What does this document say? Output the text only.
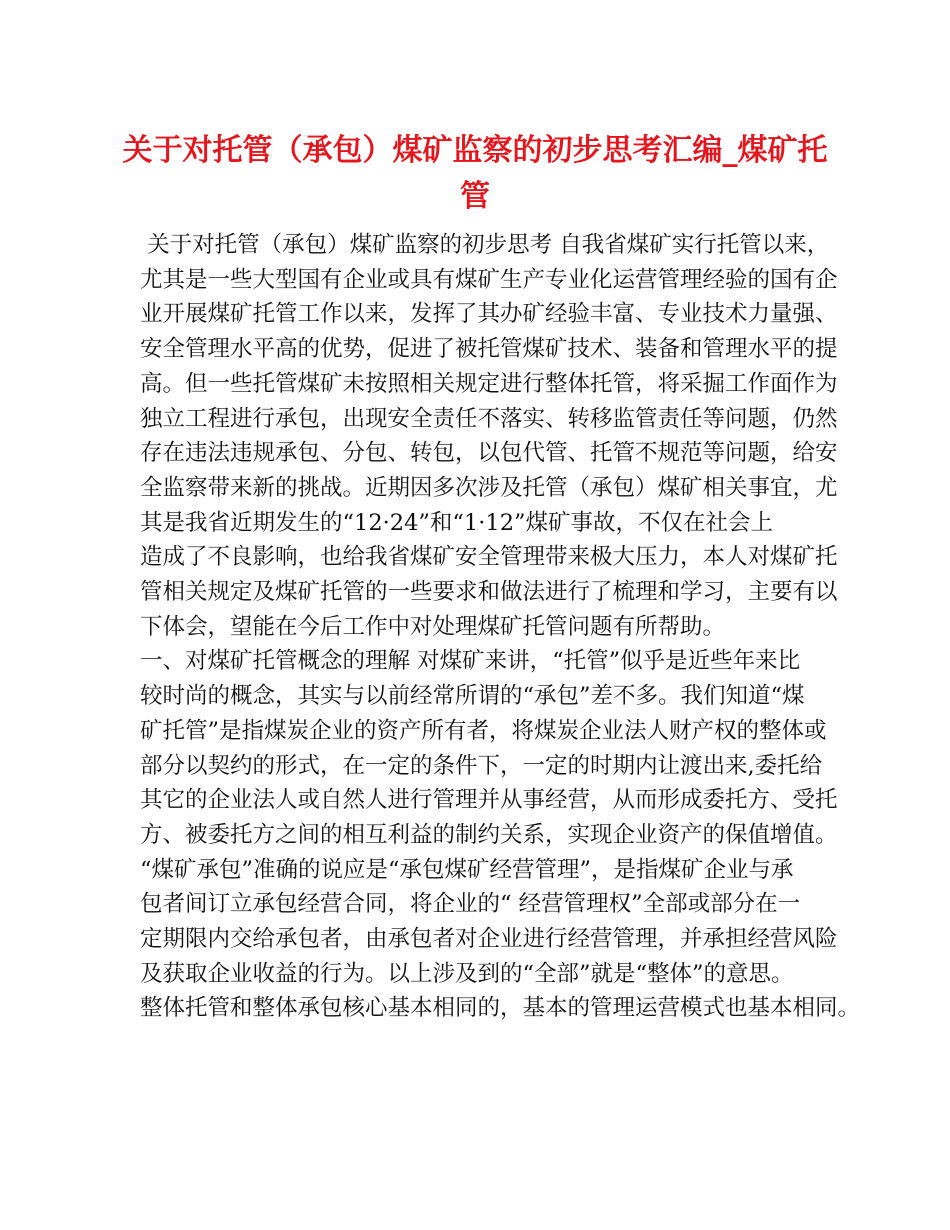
关于对托管（承包）煤矿监察的初步思考汇编_煤矿托
管
关于对托管（承包）煤矿监察的初步思考 自我省煤矿实行托管以来，
尤其是一些大型国有企业或具有煤矿生产专业化运营管理经验的国有企
业开展煤矿托管工作以来，发挥了其办矿经验丰富、专业技术力量强、
安全管理水平高的优势，促进了被托管煤矿技术、装备和管理水平的提
高。但一些托管煤矿未按照相关规定进行整体托管，将采掘工作面作为
独立工程进行承包，出现安全责任不落实、转移监管责任等问题，仍然
存在违法违规承包、分包、转包，以包代管、托管不规范等问题，给安
全监察带来新的挑战。近期因多次涉及托管（承包）煤矿相关事宜，尤
其是我省近期发生的“12·24”和“1·12”煤矿事故，不仅在社会上
造成了不良影响，也给我省煤矿安全管理带来极大压力，本人对煤矿托
管相关规定及煤矿托管的一些要求和做法进行了梳理和学习，主要有以
下体会，望能在今后工作中对处理煤矿托管问题有所帮助。
一、对煤矿托管概念的理解 对煤矿来讲，“托管”似乎是近些年来比
较时尚的概念，其实与以前经常所谓的“承包”差不多。我们知道“煤
矿托管”是指煤炭企业的资产所有者，将煤炭企业法人财产权的整体或
部分以契约的形式，在一定的条件下，一定的时期内让渡出来,委托给
其它的企业法人或自然人进行管理并从事经营，从而形成委托方、受托
方、被委托方之间的相互利益的制约关系，实现企业资产的保值增值。
“煤矿承包”准确的说应是“承包煤矿经营管理”，是指煤矿企业与承
包者间订立承包经营合同，将企业的“ 经营管理权”全部或部分在一
定期限内交给承包者，由承包者对企业进行经营管理，并承担经营风险
及获取企业收益的行为。以上涉及到的“全部”就是“整体”的意思。
整体托管和整体承包核心基本相同的，基本的管理运营模式也基本相同。
